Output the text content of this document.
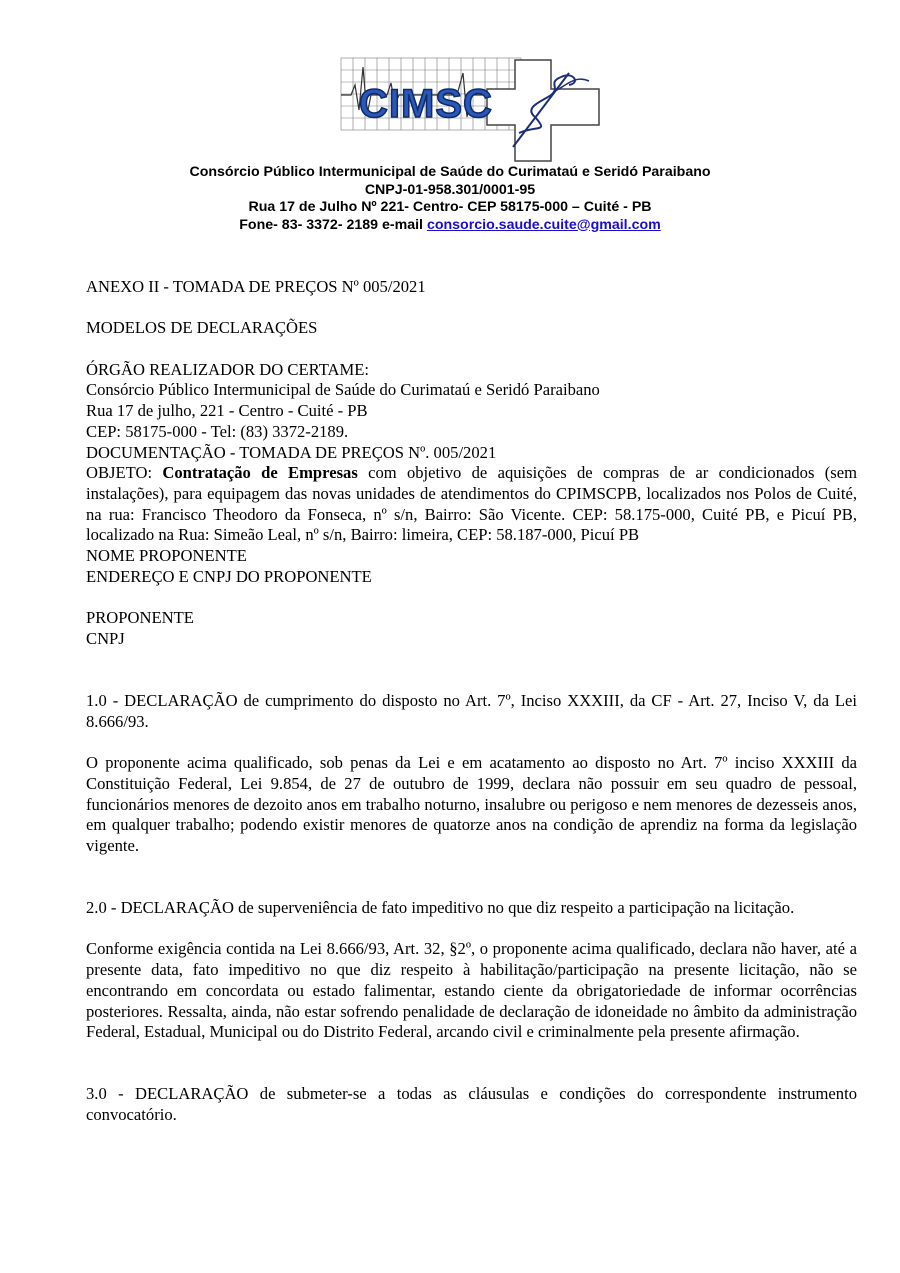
CIMSC
Consórcio Público Intermunicipal de Saúde do Curimataú e Seridó Paraibano
CNPJ-01-958.301/0001-95
Rua 17 de Julho Nº 221- Centro- CEP 58175-000 – Cuité - PB
Fone- 83- 3372- 2189 e-mail consorcio.saude.cuite@gmail.com

ANEXO II - TOMADA DE PREÇOS Nº 005/2021

MODELOS DE DECLARAÇÕES

ÓRGÃO REALIZADOR DO CERTAME:

Consórcio Público Intermunicipal de Saúde do Curimataú e Seridó Paraibano

Rua 17 de julho, 221 - Centro - Cuité - PB

CEP: 58175-000 - Tel: (83) 3372-2189.

DOCUMENTAÇÃO - TOMADA DE PREÇOS Nº. 005/2021

OBJETO: Contratação de Empresas com objetivo de aquisições de compras de ar condicionados (sem instalações), para equipagem das novas unidades de atendimentos do CPIMSCPB, localizados nos Polos de Cuité, na rua: Francisco Theodoro da Fonseca, nº s/n, Bairro: São Vicente. CEP: 58.175-000, Cuité PB, e Picuí PB, localizado na Rua: Simeão Leal, nº s/n, Bairro: limeira, CEP: 58.187-000, Picuí PB

NOME PROPONENTE

ENDEREÇO E CNPJ DO PROPONENTE

PROPONENTE

CNPJ

1.0 - DECLARAÇÃO de cumprimento do disposto no Art. 7º, Inciso XXXIII, da CF - Art. 27, Inciso V, da Lei 8.666/93.

O proponente acima qualificado, sob penas da Lei e em acatamento ao disposto no Art. 7º inciso XXXIII da Constituição Federal, Lei 9.854, de 27 de outubro de 1999, declara não possuir em seu quadro de pessoal, funcionários menores de dezoito anos em trabalho noturno, insalubre ou perigoso e nem menores de dezesseis anos, em qualquer trabalho; podendo existir menores de quatorze anos na condição de aprendiz na forma da legislação vigente.

2.0 - DECLARAÇÃO de superveniência de fato impeditivo no que diz respeito a participação na licitação.

Conforme exigência contida na Lei 8.666/93, Art. 32, §2º, o proponente acima qualificado, declara não haver, até a presente data, fato impeditivo no que diz respeito à habilitação/participação na presente licitação, não se encontrando em concordata ou estado falimentar, estando ciente da obrigatoriedade de informar ocorrências posteriores. Ressalta, ainda, não estar sofrendo penalidade de declaração de idoneidade no âmbito da administração Federal, Estadual, Municipal ou do Distrito Federal, arcando civil e criminalmente pela presente afirmação.

3.0 - DECLARAÇÃO de submeter-se a todas as cláusulas e condições do correspondente instrumento convocatório.
